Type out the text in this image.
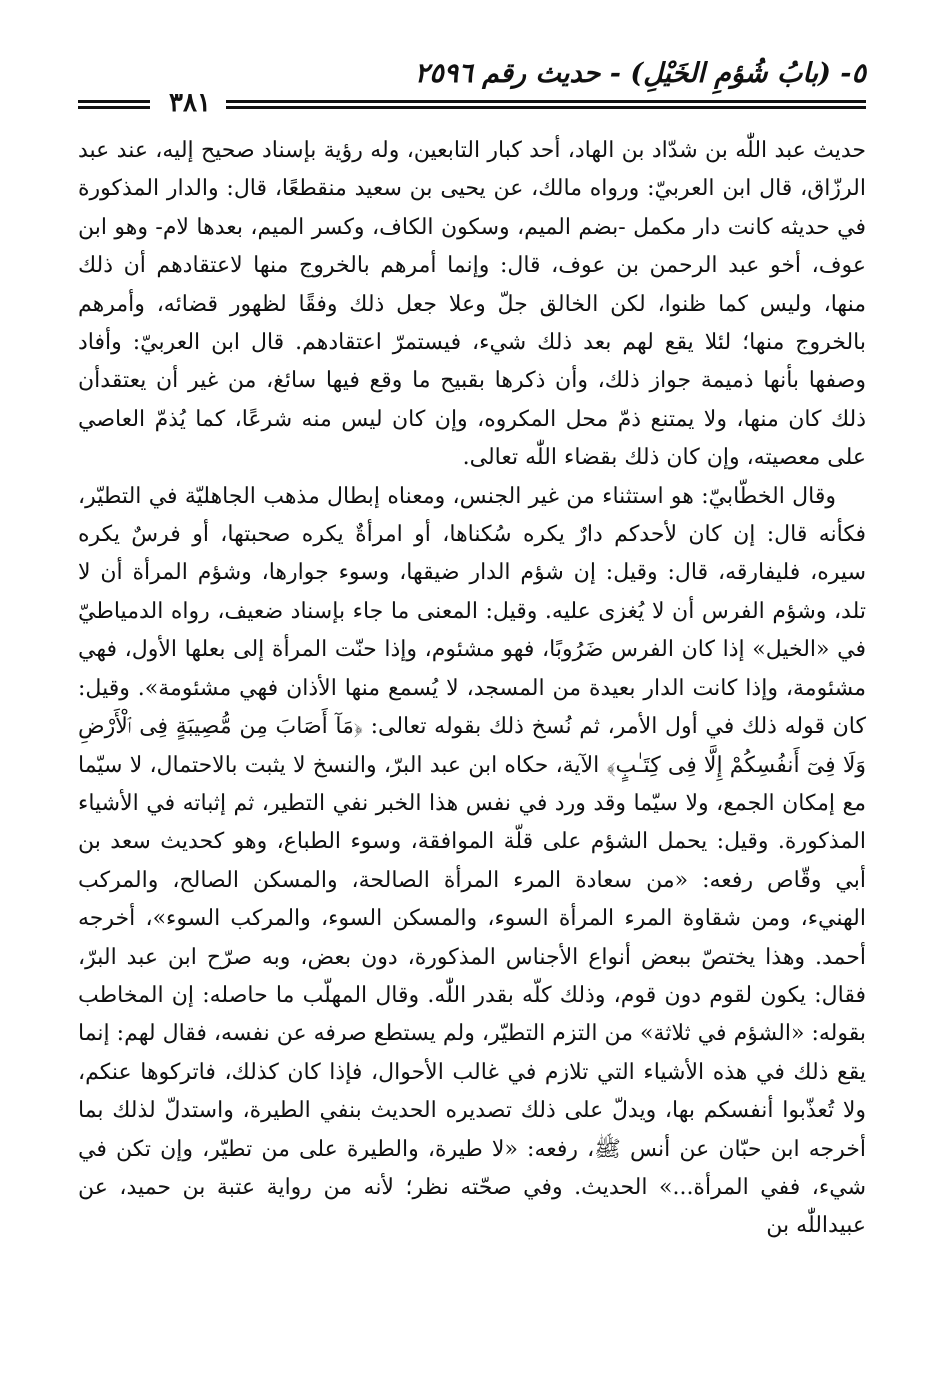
٥- (بابُ شُؤمِ الخَيْلِ) - حديث رقم ٢٥٩٦
٣٨١

حديث عبد اللّٰه بن شدّاد بن الهاد، أحد كبار التابعين، وله رؤية بإسناد صحيح إليه، عند عبد الرزّاق، قال ابن العربيّ: ورواه مالك، عن يحيى بن سعيد منقطعًا، قال: والدار المذكورة في حديثه كانت دار مكمل -بضم الميم، وسكون الكاف، وكسر الميم، بعدها لام- وهو ابن عوف، أخو عبد الرحمن بن عوف، قال: وإنما أمرهم بالخروج منها لاعتقادهم أن ذلك منها، وليس كما ظنوا، لكن الخالق جلّ وعلا جعل ذلك وفقًا لظهور قضائه، وأمرهم بالخروج منها؛ لئلا يقع لهم بعد ذلك شيء، فيستمرّ اعتقادهم. قال ابن العربيّ: وأفاد وصفها بأنها ذميمة جواز ذلك، وأن ذكرها بقبيح ما وقع فيها سائغ، من غير أن يعتقدأن ذلك كان منها، ولا يمتنع ذمّ محل المكروه، وإن كان ليس منه شرعًا، كما يُذمّ العاصي على معصيته، وإن كان ذلك بقضاء اللّٰه تعالى.

وقال الخطّابيّ: هو استثناء من غير الجنس، ومعناه إبطال مذهب الجاهليّة في التطيّر، فكأنه قال: إن كان لأحدكم دارٌ يكره سُكناها، أو امرأةٌ يكره صحبتها، أو فرسٌ يكره سيره، فليفارقه، قال: وقيل: إن شؤم الدار ضيقها، وسوء جوارها، وشؤم المرأة أن لا تلد، وشؤم الفرس أن لا يُغزى عليه. وقيل: المعنى ما جاء بإسناد ضعيف، رواه الدمياطيّ في «الخيل» إذا كان الفرس ضَرُوبًا، فهو مشئوم، وإذا حنّت المرأة إلى بعلها الأول، فهي مشئومة، وإذا كانت الدار بعيدة من المسجد، لا يُسمع منها الأذان فهي مشئومة». وقيل: كان قوله ذلك في أول الأمر، ثم نُسخ ذلك بقوله تعالى: ﴿مَآ أَصَابَ مِن مُّصِيبَةٍ فِى ٱلْأَرْضِ وَلَا فِىٓ أَنفُسِكُمْ إِلَّا فِى كِتَـٰبٍ﴾ الآية، حكاه ابن عبد البرّ، والنسخ لا يثبت بالاحتمال، لا سيّما مع إمكان الجمع، ولا سيّما وقد ورد في نفس هذا الخبر نفي التطير، ثم إثباته في الأشياء المذكورة. وقيل: يحمل الشؤم على قلّة الموافقة، وسوء الطباع، وهو كحديث سعد بن أبي وقّاص رفعه: «من سعادة المرء المرأة الصالحة، والمسكن الصالح، والمركب الهنيء، ومن شقاوة المرء المرأة السوء، والمسكن السوء، والمركب السوء»، أخرجه أحمد. وهذا يختصّ ببعض أنواع الأجناس المذكورة، دون بعض، وبه صرّح ابن عبد البرّ، فقال: يكون لقوم دون قوم، وذلك كلّه بقدر اللّٰه. وقال المهلّب ما حاصله: إن المخاطب بقوله: «الشؤم في ثلاثة» من التزم التطيّر، ولم يستطع صرفه عن نفسه، فقال لهم: إنما يقع ذلك في هذه الأشياء التي تلازم في غالب الأحوال، فإذا كان كذلك، فاتركوها عنكم، ولا تُعذّبوا أنفسكم بها، ويدلّ على ذلك تصديره الحديث بنفي الطيرة، واستدلّ لذلك بما أخرجه ابن حبّان عن أنس ﷺ، رفعه: «لا طيرة، والطيرة على من تطيّر، وإن تكن في شيء، ففي المرأة...» الحديث. وفي صحّته نظر؛ لأنه من رواية عتبة بن حميد، عن عبيداللّٰه بن
